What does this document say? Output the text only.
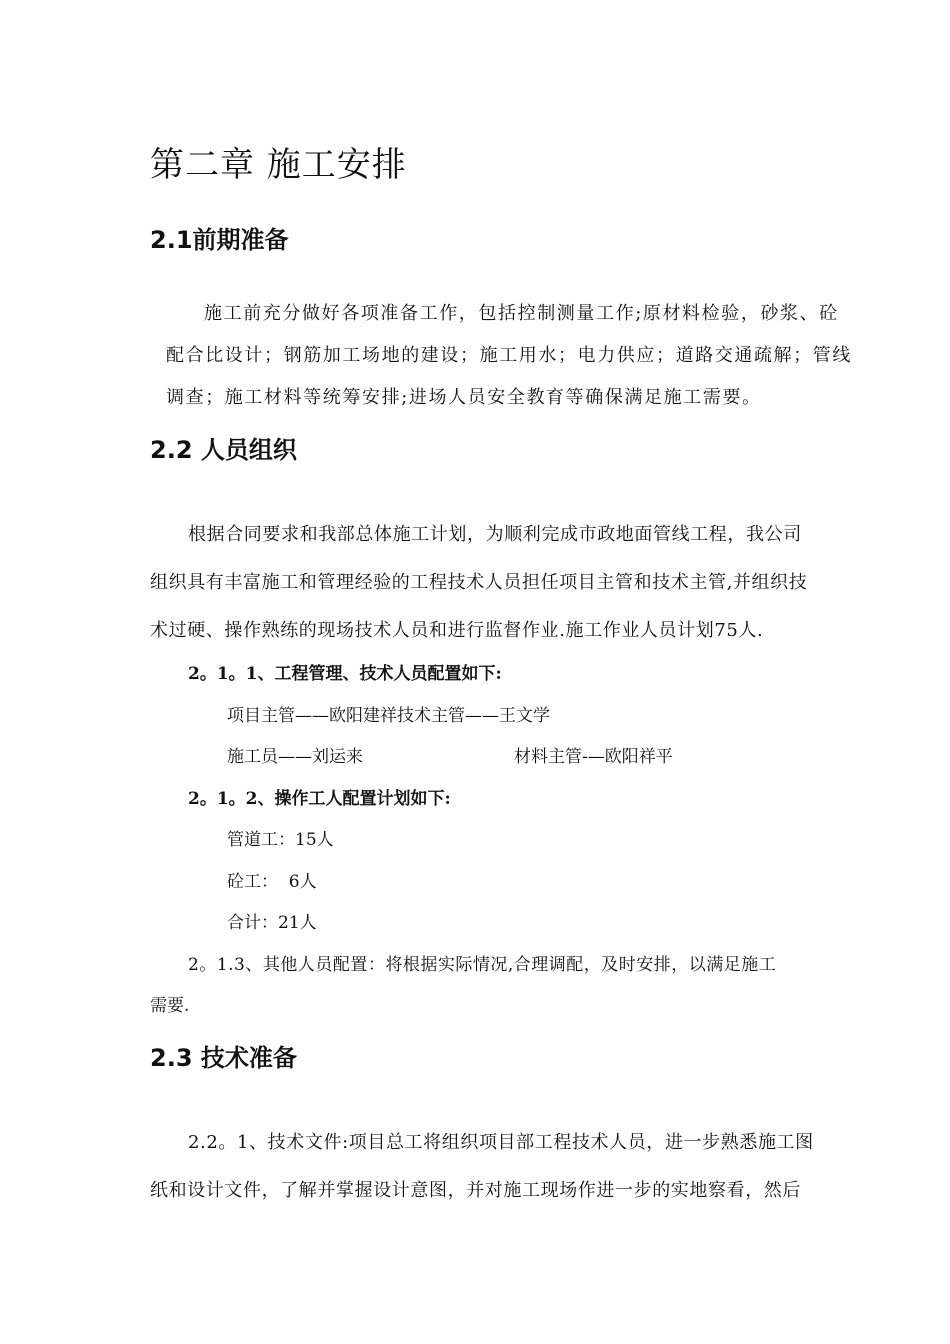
第二章 施工安排
2.1前期准备
施工前充分做好各项准备工作，包括控制测量工作;原材料检验，砂浆、砼
配合比设计；钢筋加工场地的建设；施工用水；电力供应；道路交通疏解；管线
调查；施工材料等统筹安排;进场人员安全教育等确保满足施工需要。
2.2 人员组织
根据合同要求和我部总体施工计划，为顺利完成市政地面管线工程，我公司
组织具有丰富施工和管理经验的工程技术人员担任项目主管和技术主管,并组织技
术过硬、操作熟练的现场技术人员和进行监督作业.施工作业人员计划75人.
2。1。1、工程管理、技术人员配置如下:
项目主管——欧阳建祥技术主管——王文学
施工员——刘运来	材料主管-—欧阳祥平
2。1。2、操作工人配置计划如下:
管道工：15人
砼工：  6人
合计：21人
2。1.3、其他人员配置：将根据实际情况,合理调配，及时安排，以满足施工
需要.
2.3 技术准备
2.2。1、技术文件:项目总工将组织项目部工程技术人员，进一步熟悉施工图
纸和设计文件，了解并掌握设计意图，并对施工现场作进一步的实地察看，然后
